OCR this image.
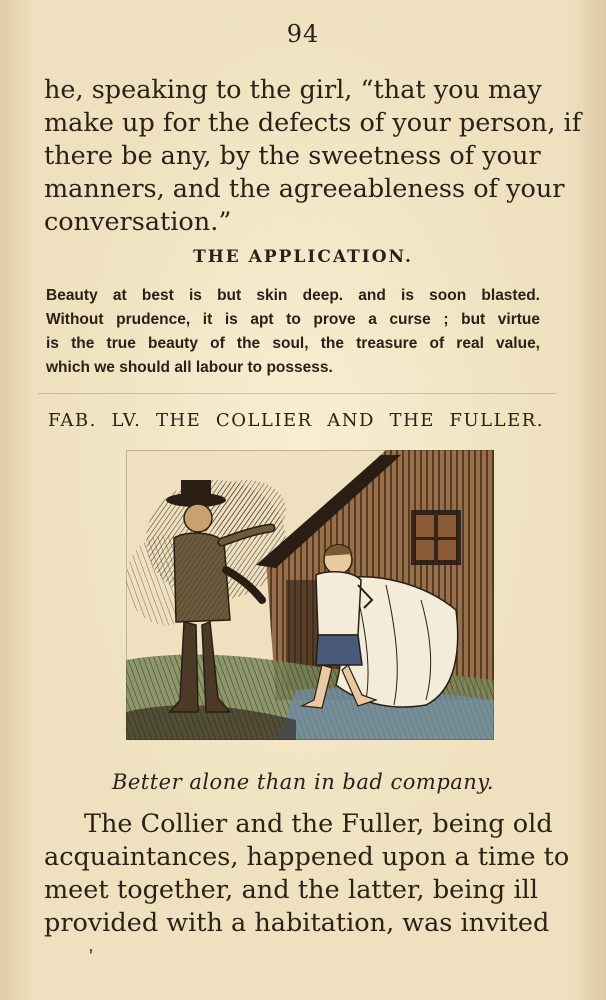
94
he, speaking to the girl, “that you may
make up for the defects of your person, if
there be any, by the sweetness of your
manners, and the agreeableness of your
conversation.”
THE APPLICATION.
Beauty at best is but skin deep. and is soon blasted.
Without prudence, it is apt to prove a curse ; but virtue
is the true beauty of the soul, the treasure of real value,
which we should all labour to possess.
FAB. LV. THE COLLIER AND THE FULLER.
Better alone than in bad company.
The Collier and the Fuller, being old
acquaintances, happened upon a time to
meet together, and the latter, being ill
provided with a habitation, was invited
’
